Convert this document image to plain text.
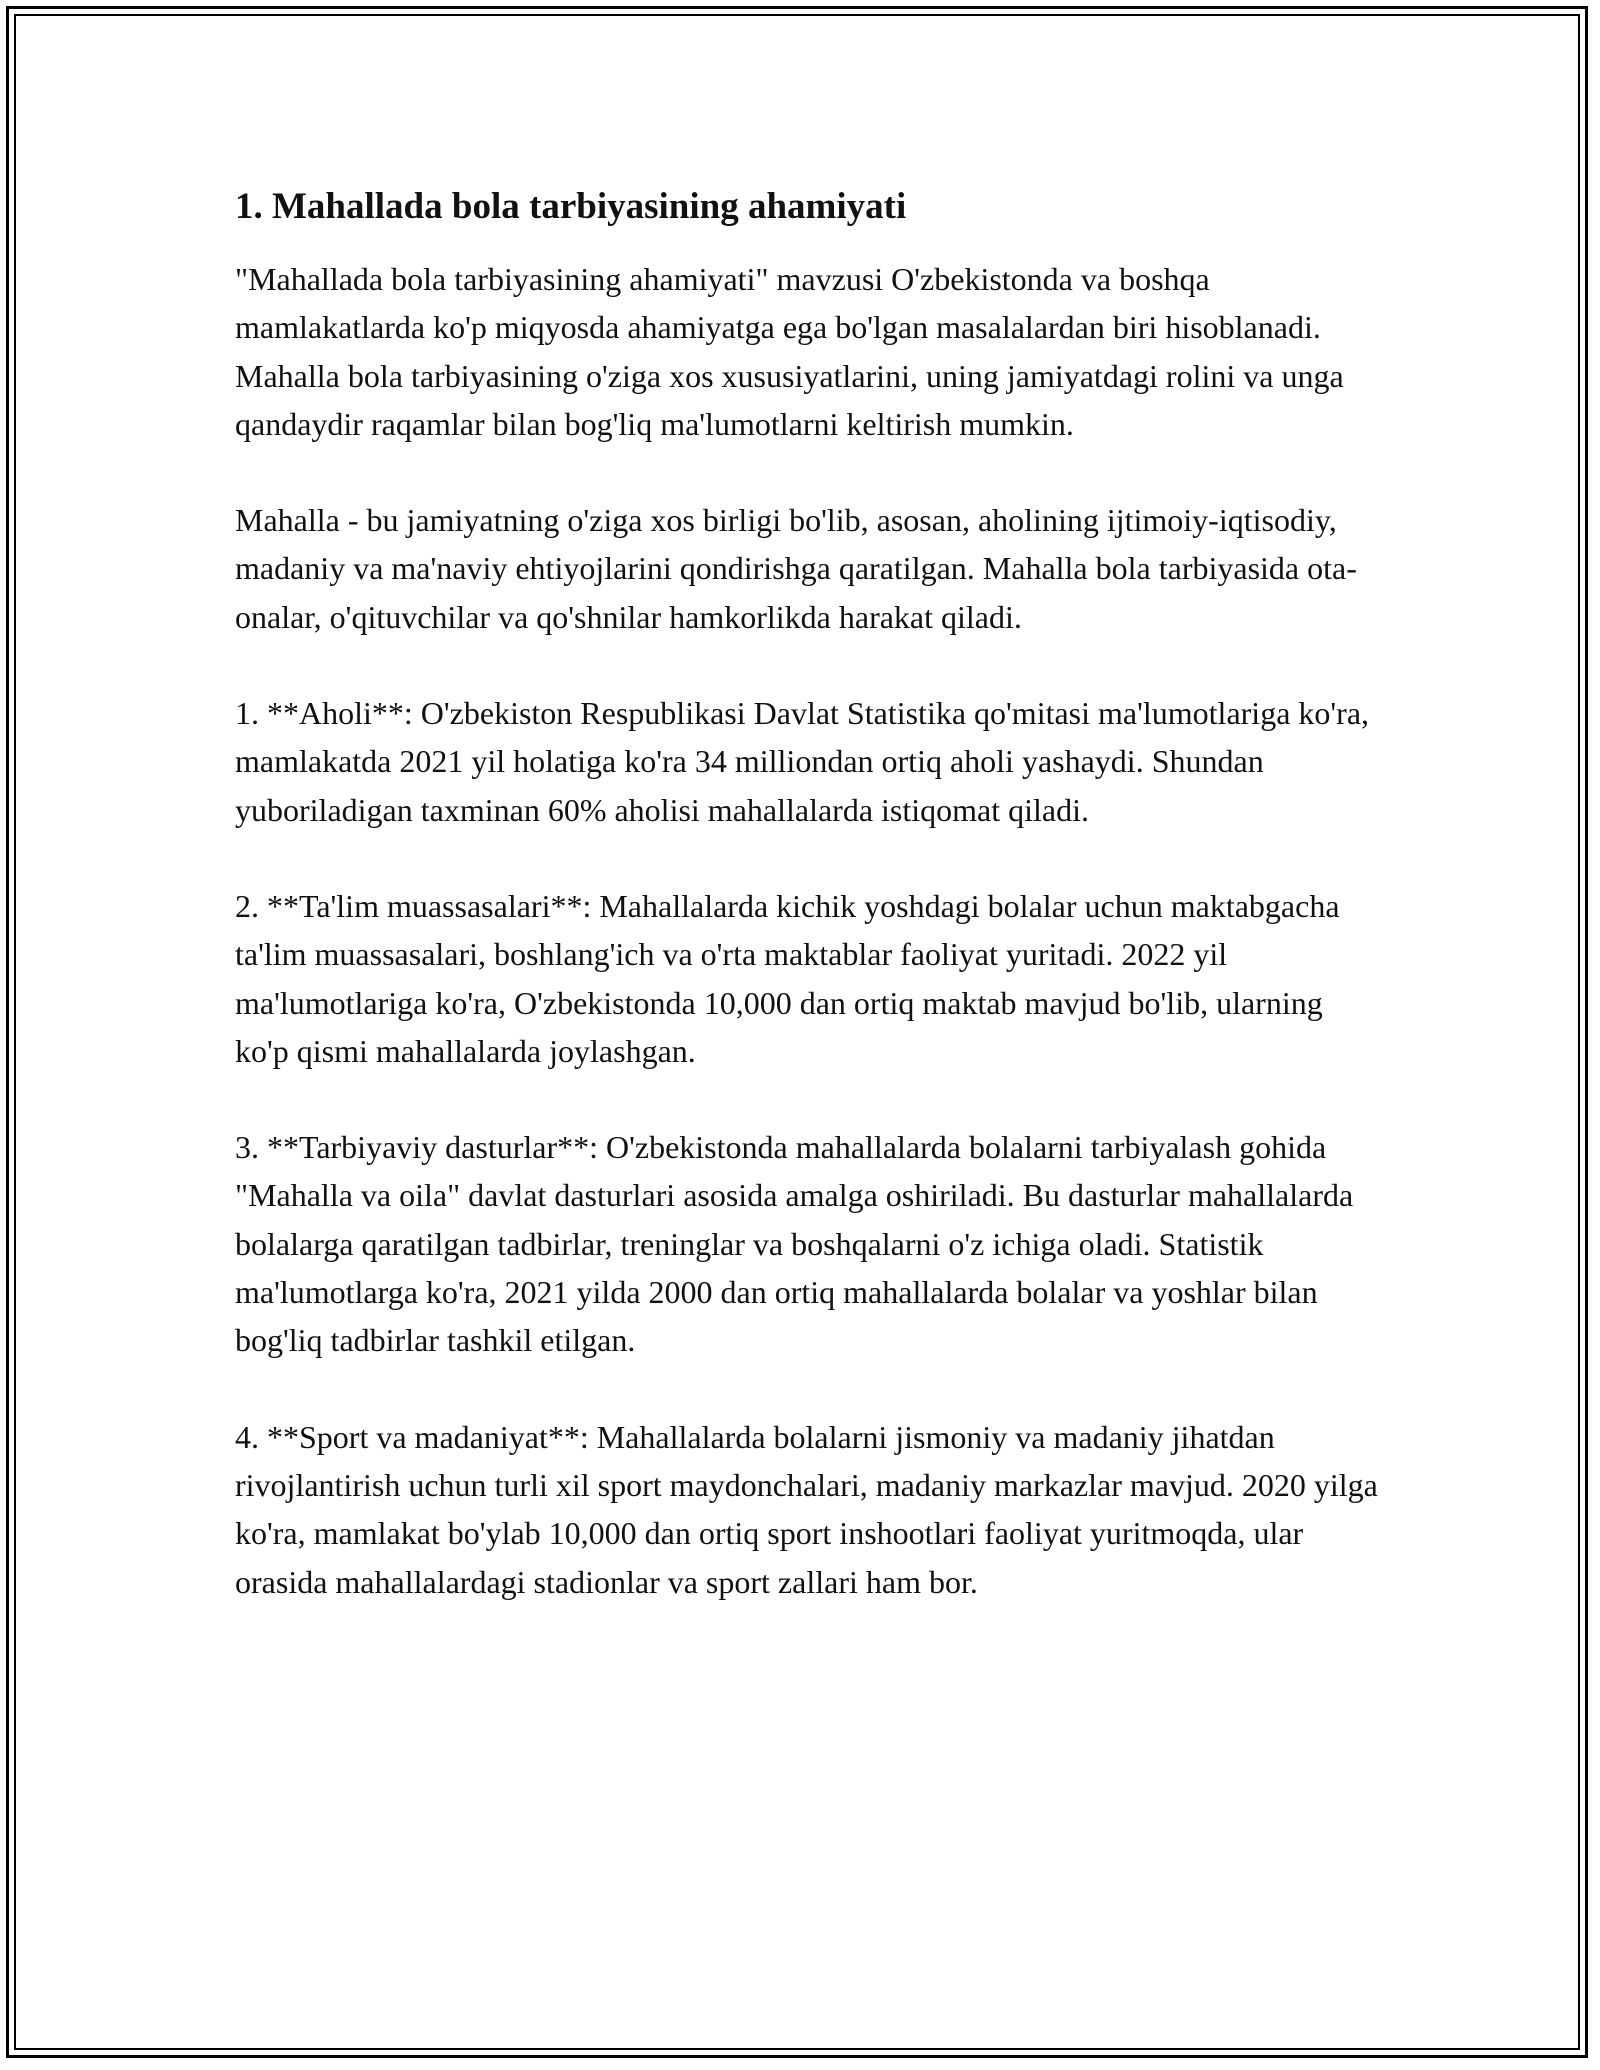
1. Mahallada bola tarbiyasining ahamiyati

"Mahallada bola tarbiyasining ahamiyati" mavzusi O'zbekistonda va boshqa mamlakatlarda ko'p miqyosda ahamiyatga ega bo'lgan masalalardan biri hisoblanadi. Mahalla bola tarbiyasining o'ziga xos xususiyatlarini, uning jamiyatdagi rolini va unga qandaydir raqamlar bilan bog'liq ma'lumotlarni keltirish mumkin.

Mahalla - bu jamiyatning o'ziga xos birligi bo'lib, asosan, aholining ijtimoiy-iqtisodiy, madaniy va ma'naviy ehtiyojlarini qondirishga qaratilgan. Mahalla bola tarbiyasida ota-onalar, o'qituvchilar va qo'shnilar hamkorlikda harakat qiladi.

1. **Aholi**: O'zbekiston Respublikasi Davlat Statistika qo'mitasi ma'lumotlariga ko'ra, mamlakatda 2021 yil holatiga ko'ra 34 milliondan ortiq aholi yashaydi. Shundan yuboriladigan taxminan 60% aholisi mahallalarda istiqomat qiladi.

2. **Ta'lim muassasalari**: Mahallalarda kichik yoshdagi bolalar uchun maktabgacha ta'lim muassasalari, boshlang'ich va o'rta maktablar faoliyat yuritadi. 2022 yil ma'lumotlariga ko'ra, O'zbekistonda 10,000 dan ortiq maktab mavjud bo'lib, ularning ko'p qismi mahallalarda joylashgan.

3. **Tarbiyaviy dasturlar**: O'zbekistonda mahallalarda bolalarni tarbiyalash gohida "Mahalla va oila" davlat dasturlari asosida amalga oshiriladi. Bu dasturlar mahallalarda bolalarga qaratilgan tadbirlar, treninglar va boshqalarni o'z ichiga oladi. Statistik ma'lumotlarga ko'ra, 2021 yilda 2000 dan ortiq mahallalarda bolalar va yoshlar bilan bog'liq tadbirlar tashkil etilgan.

4. **Sport va madaniyat**: Mahallalarda bolalarni jismoniy va madaniy jihatdan rivojlantirish uchun turli xil sport maydonchalari, madaniy markazlar mavjud. 2020 yilga ko'ra, mamlakat bo'ylab 10,000 dan ortiq sport inshootlari faoliyat yuritmoqda, ular orasida mahallalardagi stadionlar va sport zallari ham bor.
